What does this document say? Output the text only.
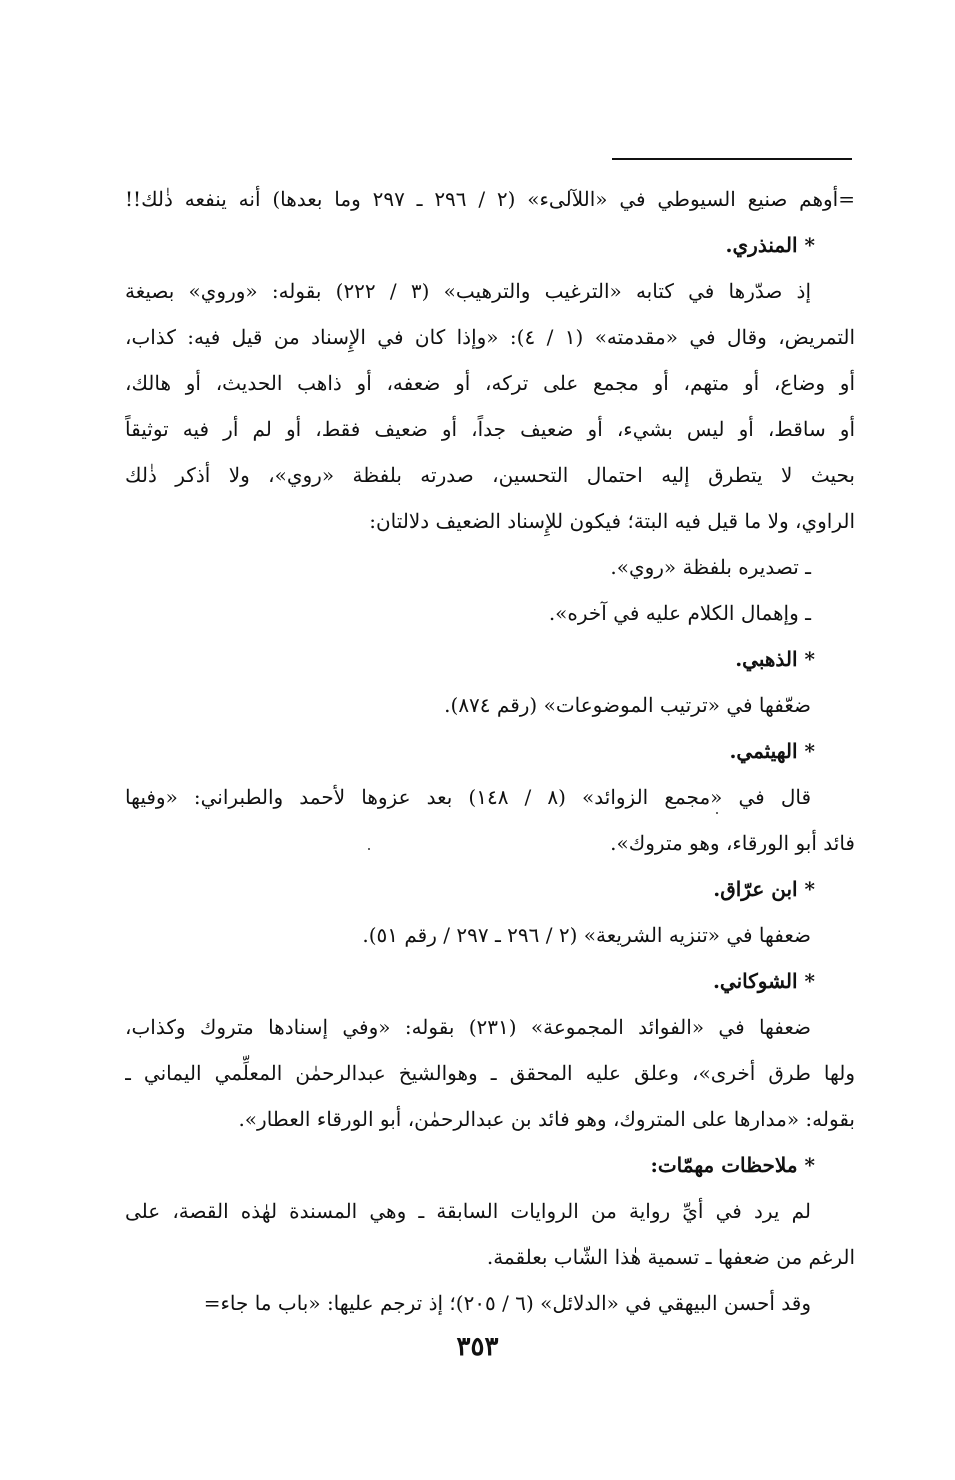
=أوهم صنيع السيوطي في «اللآلىء» (٢ / ٢٩٦ ـ ٢٩٧ وما بعدها) أنه ينفعه ذٰلك!!
* المنذري.
إذ صدّرها في كتابه «الترغيب والترهيب» (٣ / ٢٢٢) بقوله: «وروي» بصيغة
التمريض، وقال في «مقدمته» (١ / ٤): «وإذا كان في الإِسناد من قيل فيه: كذاب،
أو وضاع، أو متهم، أو مجمع على تركه، أو ضعفه، أو ذاهب الحديث، أو هالك،
أو ساقط، أو ليس بشيء، أو ضعيف جداً، أو ضعيف فقط، أو لم أر فيه توثيقاً
بحيث لا يتطرق إليه احتمال التحسين، صدرته بلفظة «روي»، ولا أذكر ذٰلك
الراوي، ولا ما قيل فيه البتة؛ فيكون للإِسناد الضعيف دلالتان:
ـ تصديره بلفظة «روي».
ـ وإهمال الكلام عليه في آخره».
* الذهبي.
ضعّفها في «ترتيب الموضوعات» (رقم ٨٧٤).
* الهيثمي.
قال في «مجمع الزوائد» (٨ / ١٤٨) بعد عزوها لأحمد والطبراني: «وفيها
فائد أبو الورقاء، وهو متروك».
* ابن عرّاق.
ضعفها في «تنزيه الشريعة» (٢ / ٢٩٦ ـ ٢٩٧ / رقم ٥١).
* الشوكاني.
ضعفها في «الفوائد المجموعة» (٢٣١) بقوله: «وفي إسنادها متروك وكذاب،
ولها طرق أخرى»، وعلق عليه المحقق ـ وهوالشيخ عبدالرحمٰن المعلِّمي اليماني ـ
بقوله: «مدارها على المتروك، وهو فائد بن عبدالرحمٰن، أبو الورقاء العطار».
* ملاحظات مهمّات:
لم يرد في أيِّ رواية من الروايات السابقة ـ وهي المسندة لهٰذه القصة، على
الرغم من ضعفها ـ تسمية هٰذا الشّاب بعلقمة.
وقد أحسن البيهقي في «الدلائل» (٦ / ٢٠٥)؛ إذ ترجم عليها: «باب ما جاء=
٣٥٣
